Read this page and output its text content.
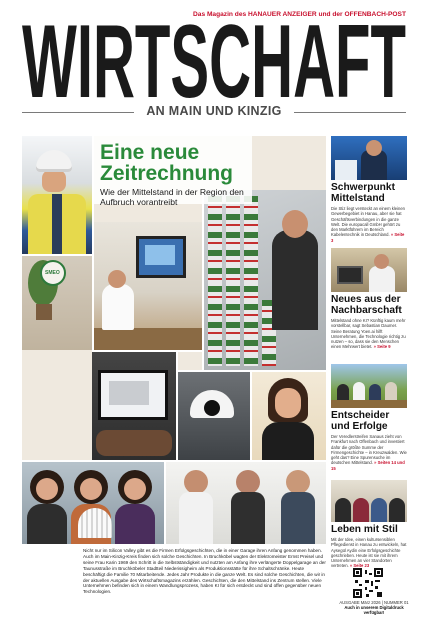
Das Magazin des HANAUER ANZEIGER und der OFFENBACH-POST
WIRTSCHAFT
AN MAIN UND KINZIG
SMEO
Eine neue
Zeitrechnung
Wie der Mittelstand in der Region den Aufbruch vorantreibt
Nicht nur im Silicon Valley gibt es die Firmen Erfolgsgeschichten, die in einer Garage ihren Anfang genommen haben. Auch im Main-Kinzig-Kreis finden sich solche Geschichten. In Bruchköbel wagten der Elektromeister Ernst Preisel und seine Frau Karin 1969 den Schritt in die Selbstständigkeit und nutzten am Anfang ihre verlängerte Doppelgarage an der Taunusstraße im Bruchköbeler Stadtteil Niederissigheim als Produktionsstätte für ihre Schaltschränke. Heute beschäftigt die Familie 70 Mitarbeitende. Jedes Jahr Produkte in die ganze Welt. Es sind solche Geschichten, die wir in der aktuellen Ausgabe des Wirtschaftsmagazins erzählen. Geschichten, die den Mittelstand ins Zentrum stellen. Viele Unternehmen befinden sich in einem Wandlungsprozess, haben KI für sich entdeckt und sind offen gegenüber neuen Technologien.
Schwerpunkt Mittelstand
Die Stiz liegt versteckt an einem kleinen Gewerbegebiet in Hanau, aber sie hat Geschäftsverbindungen in die ganze Welt. Die europacall GmbH gehört zu den Marktführern im Bereich Kabelentechnik in Deutschland. » Seite 3
Neues aus der Nachbarschaft
Mittelstand ohne KI? Künftig kaum mehr vorstellbar, sagt Sebastian Daumer. Seine Beratung Yoen.ai hilft Unternehmen, die Technologie richtig zu nutzen – so, dass sie den Menschen einen Mehrwert bietet. » Seite 9
Entscheider und Erfolge
Der Veredlerstreifen Sanaus zieht von Frankfurt nach Offenbach und investiert dafür die größte Summe der Firmengeschichte – in Kreuzwalden. Wie geht das? Eine Spurensuche im deutschen Mittelstand. » Seiten 14 und 15
Leben mit Stil
Mit der Idee, einen kultursensiblen Pflegedienst in Hanau zu entwickeln, hat Aysegül Aydin eine Erfolgsgeschichte geschrieben. Heute ist sie mit ihrem Unternehmen an vier Standorten vertreten. » Seite 23
AUSGABE März 2026 | NUMMER 01
Auch in unserem Digitaldruck verfügbar!
